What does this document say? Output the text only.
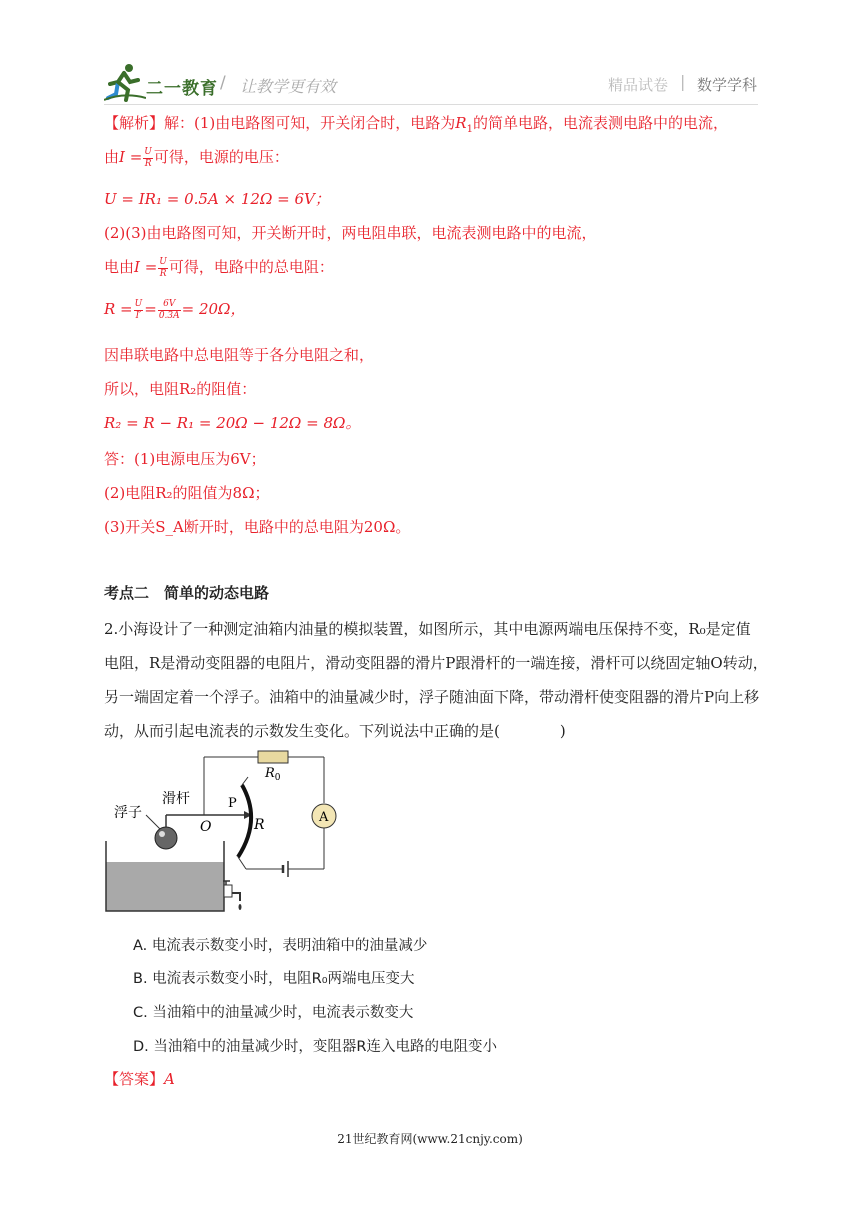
二一教育 / 让教学更有效	精品试卷 | 数学学科
【解析】解：(1)由电路图可知，开关闭合时，电路为$R_1$的简单电路，电流表测电路中的电流，
由$I = \frac{U}{R}$ 可得，电源的电压：
U = IR₁ = 0.5A × 12Ω = 6V；
(2)(3)由电路图可知，开关断开时，两电阻串联，电流表测电路中的电流，
电由$I = \frac{U}{R}$ 可得，电路中的总电阻：
$R = \frac{U}{I'} = \frac{6V}{0.3A} = 20\Omega$，
因串联电路中总电阻等于各分电阻之和，
所以，电阻R₂的阻值：
R₂ = R − R₁ = 20Ω − 12Ω = 8Ω。
答：(1)电源电压为6V；
(2)电阻R₂的阻值为8Ω；
(3)开关S_A断开时，电路中的总电阻为20Ω。
考点二　简单的动态电路
2.小海设计了一种测定油箱内油量的模拟装置，如图所示，其中电源两端电压保持不变，R₀是定值
电阻，R是滑动变阻器的电阻片，滑动变阻器的滑片P跟滑杆的一端连接，滑杆可以绕固定轴O转动，
另一端固定着一个浮子。油箱中的油量减少时，浮子随油面下降，带动滑杆使变阻器的滑片P向上移
动，从而引起电流表的示数发生变化。下列说法中正确的是(　　　　)
浮子
滑杆
O
P
R
$R_0$
A
A. 电流表示数变小时，表明油箱中的油量减少
B. 电流表示数变小时，电阻R₀两端电压变大
C. 当油箱中的油量减少时，电流表示数变大
D. 当油箱中的油量减少时，变阻器R连入电路的电阻变小
【答案】A
21世纪教育网(www.21cnjy.com)
